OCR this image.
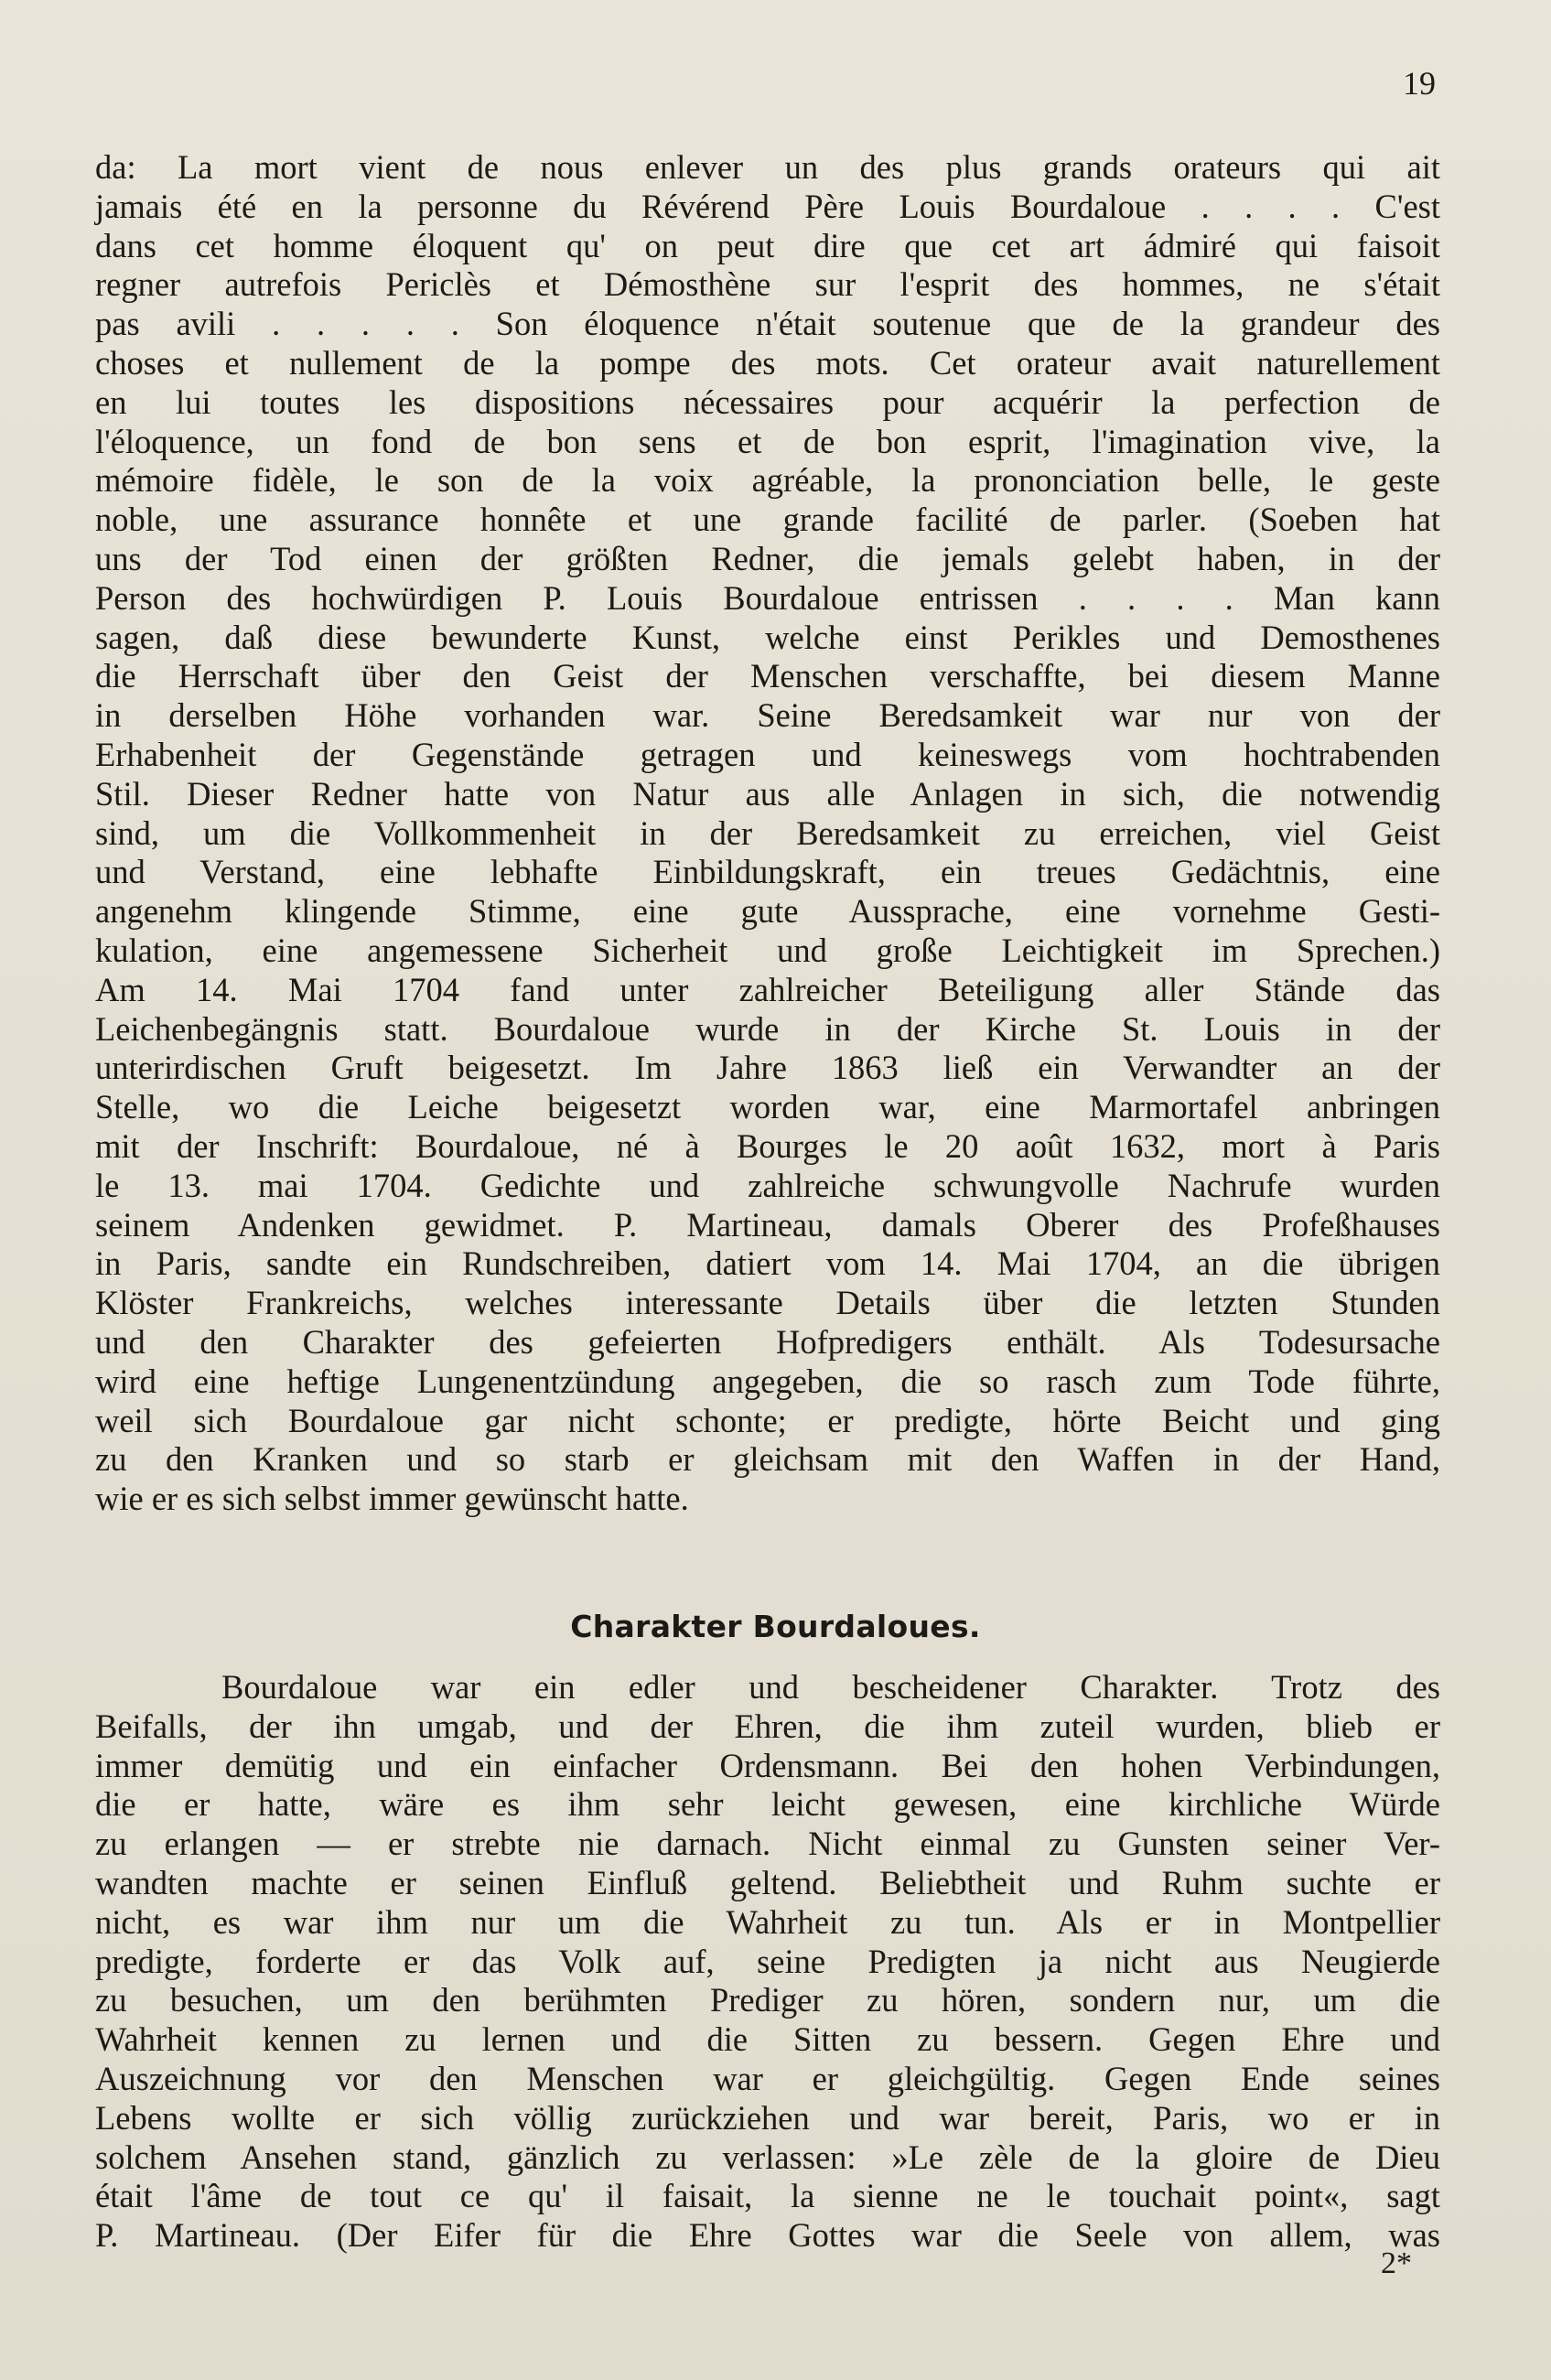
19
da: La mort vient de nous enlever un des plus grands orateurs qui ait
jamais été en la personne du Révérend Père Louis Bourdaloue . . . . C'est
dans cet homme éloquent qu' on peut dire que cet art ádmiré qui faisoit
regner autrefois Periclès et Démosthène sur l'esprit des hommes, ne s'était
pas avili . . . . . Son éloquence n'était soutenue que de la grandeur des
choses et nullement de la pompe des mots. Cet orateur avait naturellement
en lui toutes les dispositions nécessaires pour acquérir la perfection de
l'éloquence, un fond de bon sens et de bon esprit, l'imagination vive, la
mémoire fidèle, le son de la voix agréable, la prononciation belle, le geste
noble, une assurance honnête et une grande facilité de parler. (Soeben hat
uns der Tod einen der größten Redner, die jemals gelebt haben, in der
Person des hochwürdigen P. Louis Bourdaloue entrissen . . . . Man kann
sagen, daß diese bewunderte Kunst, welche einst Perikles und Demosthenes
die Herrschaft über den Geist der Menschen verschaffte, bei diesem Manne
in derselben Höhe vorhanden war. Seine Beredsamkeit war nur von der
Erhabenheit der Gegenstände getragen und keineswegs vom hochtrabenden
Stil. Dieser Redner hatte von Natur aus alle Anlagen in sich, die notwendig
sind, um die Vollkommenheit in der Beredsamkeit zu erreichen, viel Geist
und Verstand, eine lebhafte Einbildungskraft, ein treues Gedächtnis, eine
angenehm klingende Stimme, eine gute Aussprache, eine vornehme Gesti-
kulation, eine angemessene Sicherheit und große Leichtigkeit im Sprechen.)
Am 14. Mai 1704 fand unter zahlreicher Beteiligung aller Stände das
Leichenbegängnis statt. Bourdaloue wurde in der Kirche St. Louis in der
unterirdischen Gruft beigesetzt. Im Jahre 1863 ließ ein Verwandter an der
Stelle, wo die Leiche beigesetzt worden war, eine Marmortafel anbringen
mit der Inschrift: Bourdaloue, né à Bourges le 20 août 1632, mort à Paris
le 13. mai 1704. Gedichte und zahlreiche schwungvolle Nachrufe wurden
seinem Andenken gewidmet. P. Martineau, damals Oberer des Profeßhauses
in Paris, sandte ein Rundschreiben, datiert vom 14. Mai 1704, an die übrigen
Klöster Frankreichs, welches interessante Details über die letzten Stunden
und den Charakter des gefeierten Hofpredigers enthält. Als Todesursache
wird eine heftige Lungenentzündung angegeben, die so rasch zum Tode führte,
weil sich Bourdaloue gar nicht schonte; er predigte, hörte Beicht und ging
zu den Kranken und so starb er gleichsam mit den Waffen in der Hand,
wie er es sich selbst immer gewünscht hatte.
Charakter Bourdaloues.
Bourdaloue war ein edler und bescheidener Charakter. Trotz des
Beifalls, der ihn umgab, und der Ehren, die ihm zuteil wurden, blieb er
immer demütig und ein einfacher Ordensmann. Bei den hohen Verbindungen,
die er hatte, wäre es ihm sehr leicht gewesen, eine kirchliche Würde
zu erlangen — er strebte nie darnach. Nicht einmal zu Gunsten seiner Ver-
wandten machte er seinen Einfluß geltend. Beliebtheit und Ruhm suchte er
nicht, es war ihm nur um die Wahrheit zu tun. Als er in Montpellier
predigte, forderte er das Volk auf, seine Predigten ja nicht aus Neugierde
zu besuchen, um den berühmten Prediger zu hören, sondern nur, um die
Wahrheit kennen zu lernen und die Sitten zu bessern. Gegen Ehre und
Auszeichnung vor den Menschen war er gleichgültig. Gegen Ende seines
Lebens wollte er sich völlig zurückziehen und war bereit, Paris, wo er in
solchem Ansehen stand, gänzlich zu verlassen: »Le zèle de la gloire de Dieu
était l'âme de tout ce qu' il faisait, la sienne ne le touchait point«, sagt
P. Martineau. (Der Eifer für die Ehre Gottes war die Seele von allem, was
2*
